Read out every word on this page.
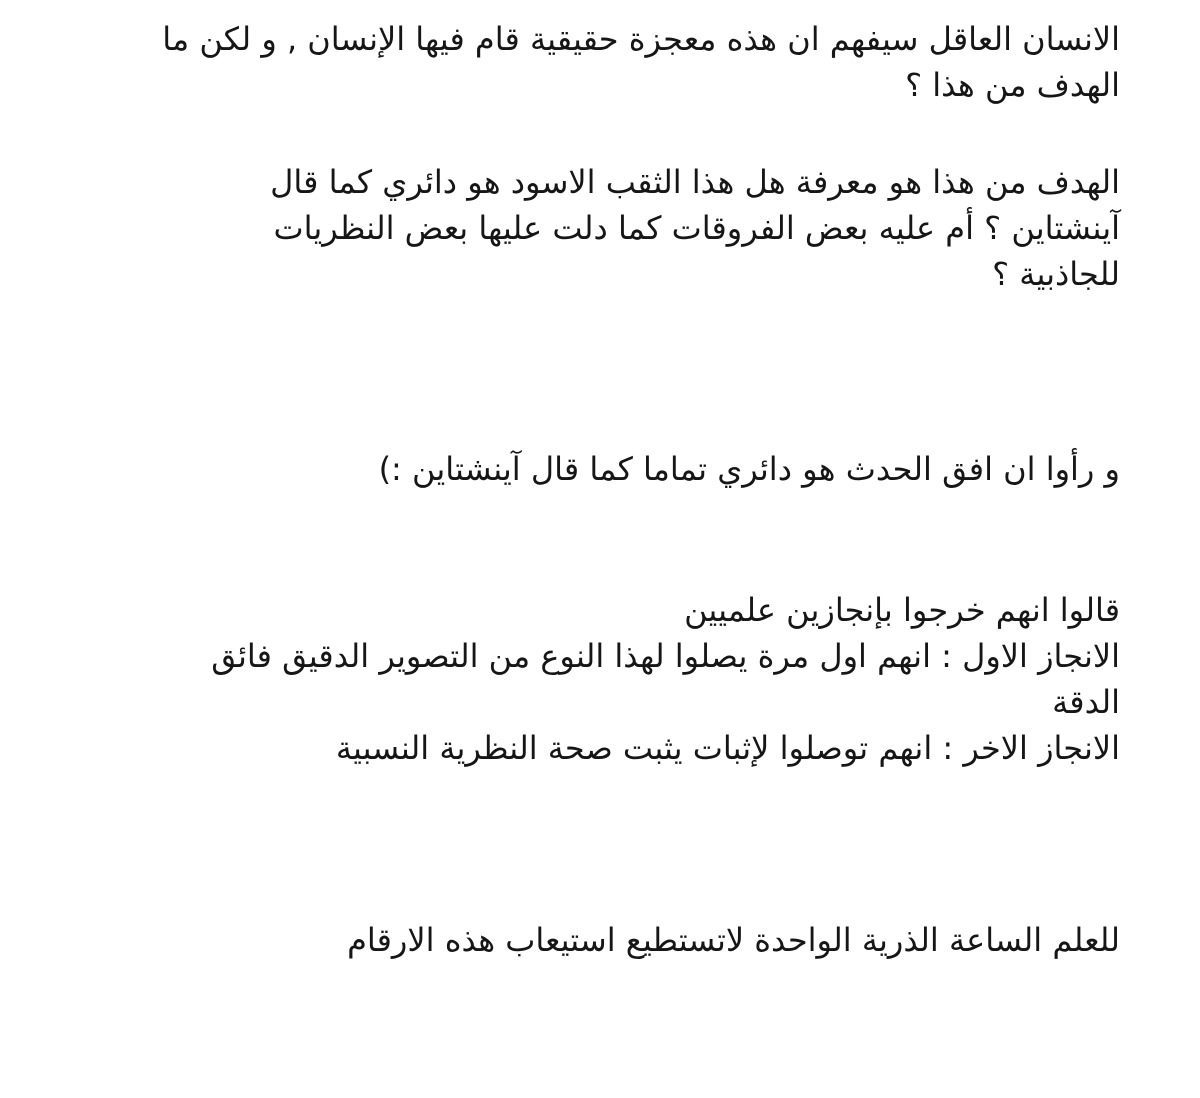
الانسان العاقل سيفهم ان هذه معجزة حقيقية قام فيها الإنسان , و لكن ما
الهدف من هذا ؟

الهدف من هذا هو معرفة هل هذا الثقب الاسود هو دائري كما قال
آينشتاين ؟ أم عليه بعض الفروقات كما دلت عليها بعض النظريات
للجاذبية ؟

و رأوا ان افق الحدث هو دائري تماما كما قال آينشتاين :)

قالوا انهم خرجوا بإنجازين علميين
الانجاز الاول : انهم اول مرة يصلوا لهذا النوع من التصوير الدقيق فائق
الدقة
الانجاز الاخر : انهم توصلوا لإثبات يثبت صحة النظرية النسبية

للعلم الساعة الذرية الواحدة لاتستطيع استيعاب هذه الارقام
